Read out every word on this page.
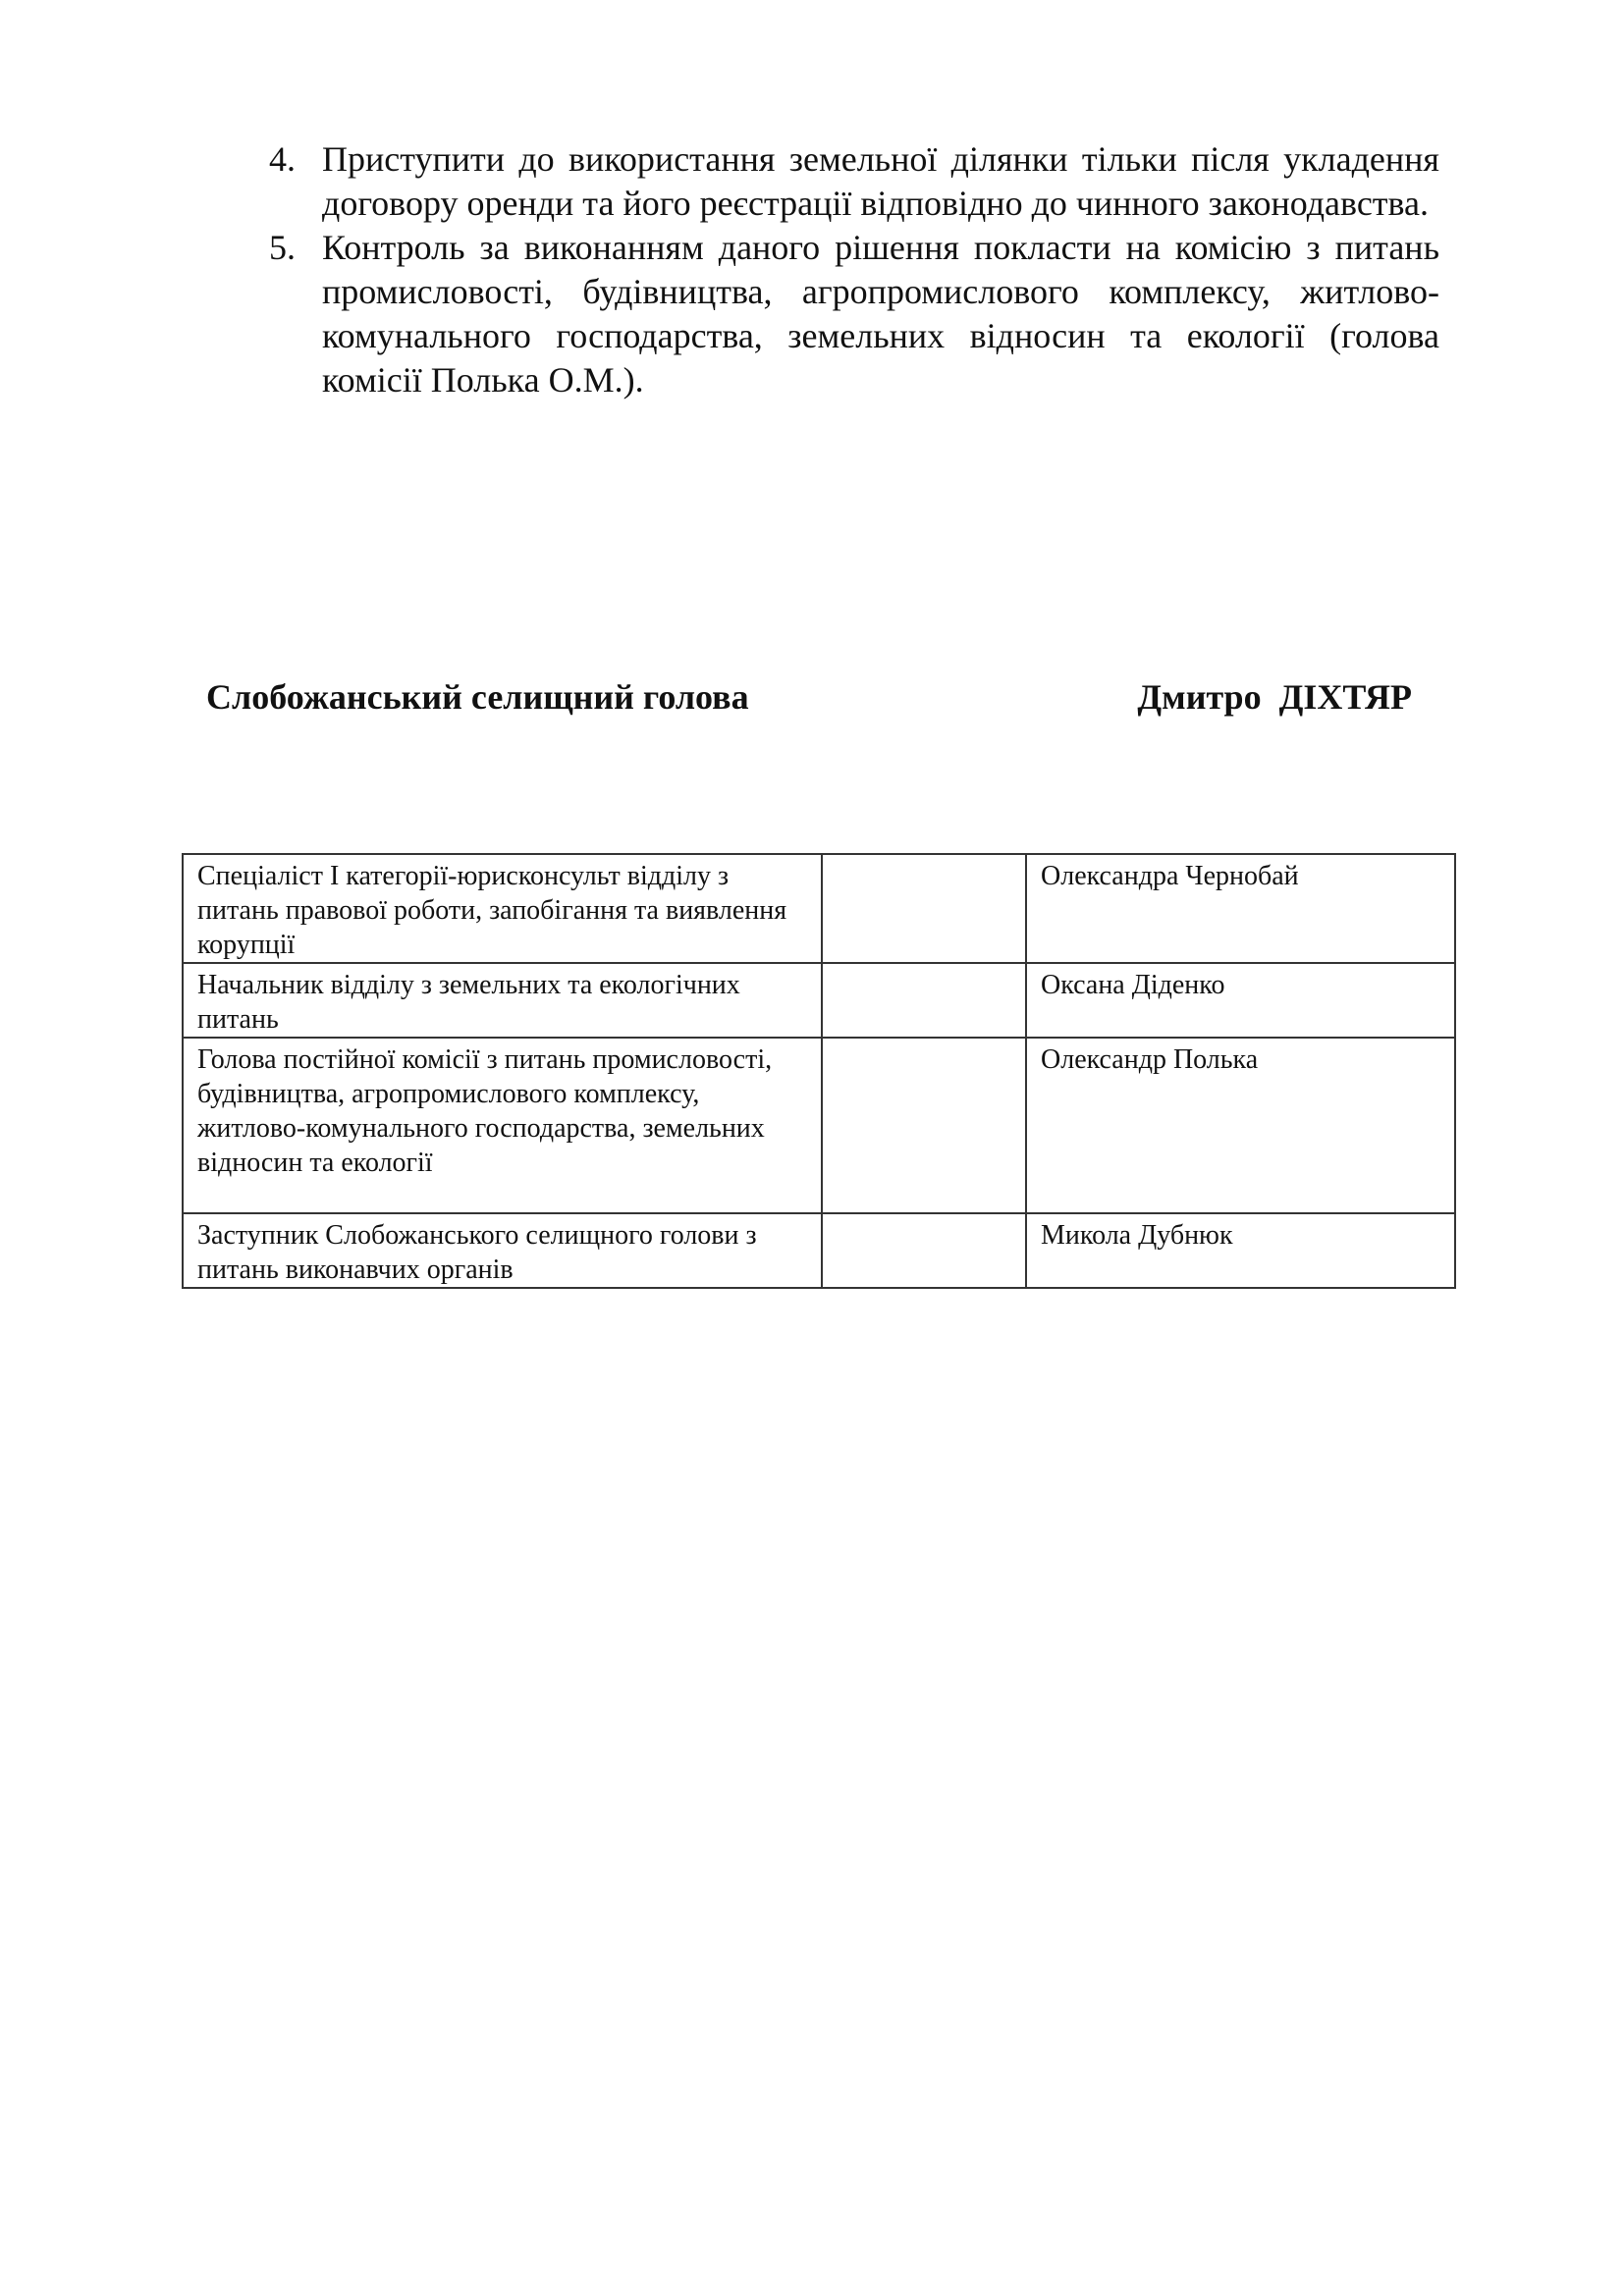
4. Приступити до використання земельної ділянки тільки після укладення договору оренди та його реєстрації відповідно до чинного законодавства.
5. Контроль за виконанням даного рішення покласти на комісію з питань промисловості, будівництва, агропромислового комплексу, житлово-комунального господарства, земельних відносин та екології (голова комісії Полька О.М.).
Слобожанський селищний голова	Дмитро  ДІХТЯР
Спеціаліст І категорії-юрисконсульт відділу з питань правової роботи, запобігання та виявлення корупції		Олександра Чернобай
Начальник відділу з земельних та екологічних питань		Оксана Діденко
Голова постійної комісії з питань промисловості, будівництва, агропромислового комплексу, житлово-комунального господарства, земельних відносин та екології		Олександр Полька
Заступник Слобожанського селищного голови з питань виконавчих органів		Микола Дубнюк
